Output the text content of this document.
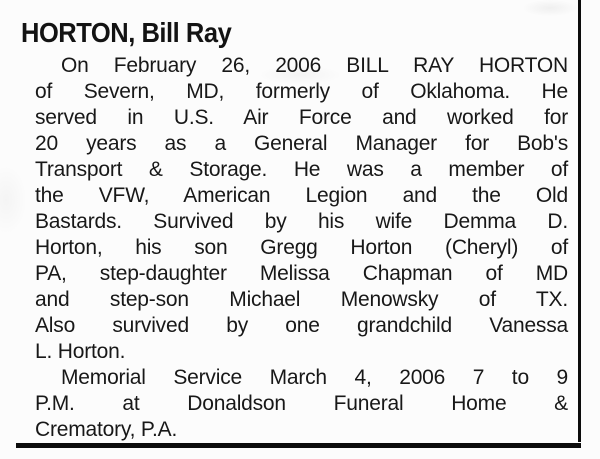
HORTON, Bill Ray
On February 26, 2006 BILL RAY HORTON
of Severn, MD, formerly of Oklahoma. He
served in U.S. Air Force and worked for
20 years as a General Manager for Bob's
Transport & Storage. He was a member of
the VFW, American Legion and the Old
Bastards. Survived by his wife Demma D.
Horton, his son Gregg Horton (Cheryl) of
PA, step-daughter Melissa Chapman of MD
and step-son Michael Menowsky of TX.
Also survived by one grandchild Vanessa
L. Horton.
Memorial Service March 4, 2006 7 to 9
P.M. at Donaldson Funeral Home &
Crematory, P.A.
